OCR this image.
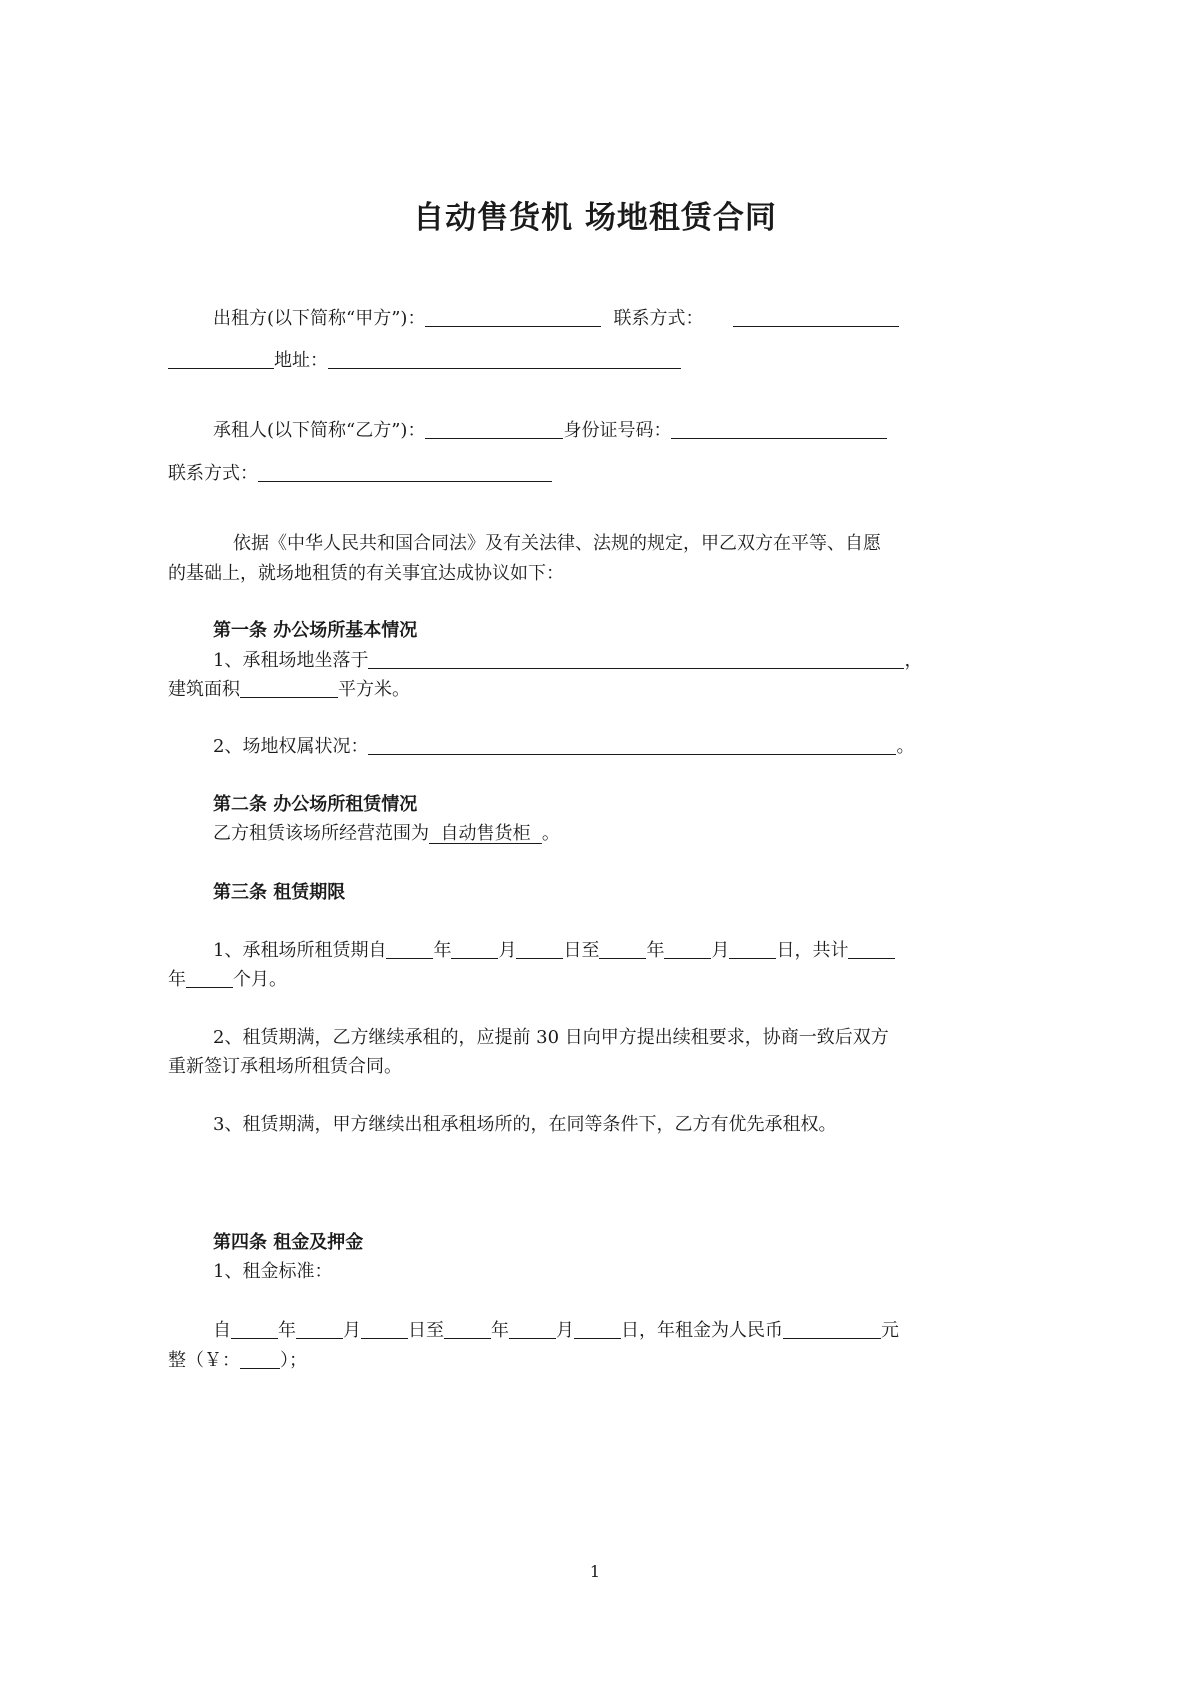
自动售货机 场地租赁合同
出租方(以下简称“甲方”)：	联系方式：
地址：
承租人(以下简称“乙方”)：	身份证号码：
联系方式：
依据《中华人民共和国合同法》及有关法律、法规的规定，甲乙双方在平等、自愿
的基础上，就场地租赁的有关事宜达成协议如下：
第一条 办公场所基本情况
1、承租场地坐落于	，
建筑面积	平方米。
2、场地权属状况：	。
第二条 办公场所租赁情况
乙方租赁该场所经营范围为  自动售货柜  。
第三条 租赁期限
1、承租场所租赁期自	年	月	日至	年	月	日，共计
年	个月。
2、租赁期满，乙方继续承租的，应提前 30 日向甲方提出续租要求，协商一致后双方
重新签订承租场所租赁合同。
3、租赁期满，甲方继续出租承租场所的，在同等条件下，乙方有优先承租权。
第四条 租金及押金
1、租金标准：
自	年	月	日至	年	月	日，年租金为人民币	元
整（￥： ）；
1
